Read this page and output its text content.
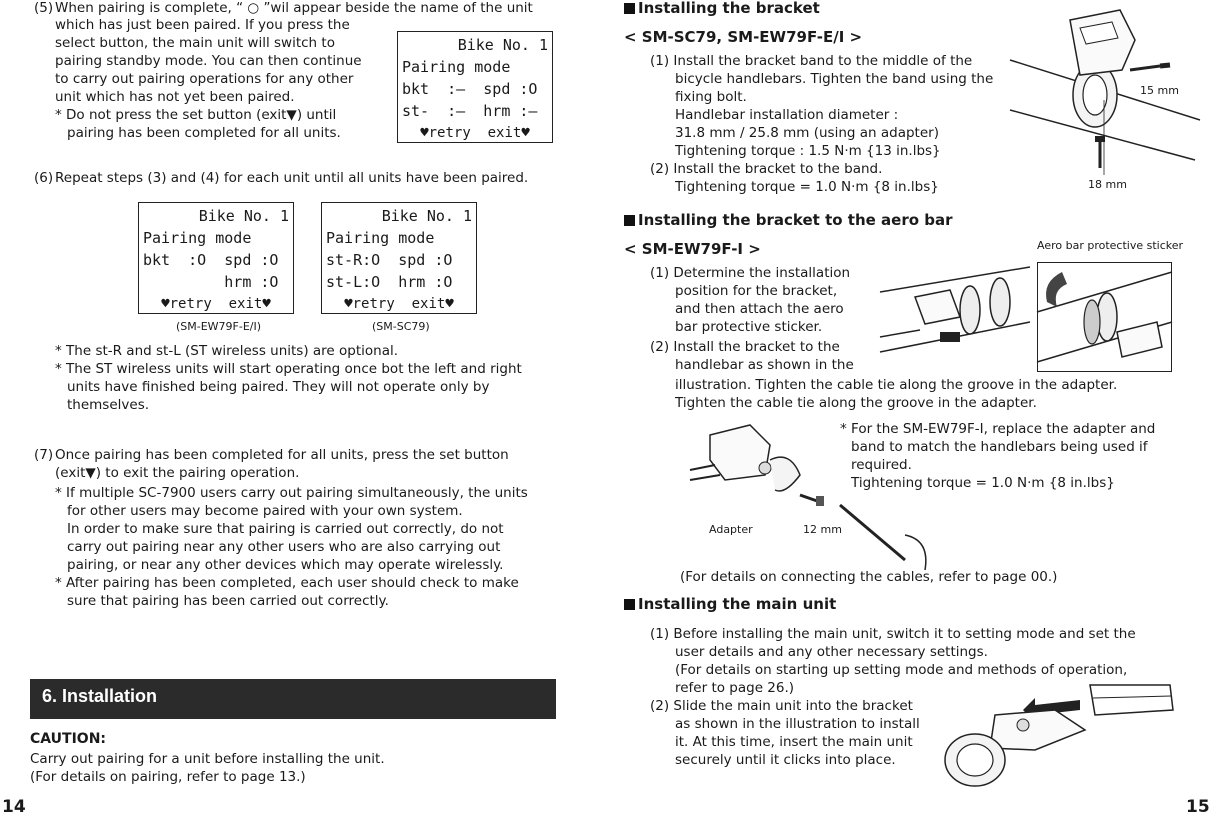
(5) When pairing is complete, “ ○ ”wil appear beside the name of the unit
which has just been paired. If you press the
select button, the main unit will switch to
pairing standby mode. You can then continue
to carry out pairing operations for any other
unit which has not yet been paired.
* Do not press the set button (exit▼) until
pairing has been completed for all units.
Bike No. 1
Pairing mode
bkt  :—  spd :O
st-  :—  hrm :—
♥retry  exit♥
(6) Repeat steps (3) and (4) for each unit until all units have been paired.
Bike No. 1
Pairing mode
bkt  :O  spd :O
hrm :O
♥retry  exit♥
(SM-EW79F-E/I)
Bike No. 1
Pairing mode
st-R:O  spd :O
st-L:O  hrm :O
♥retry  exit♥
(SM-SC79)
* The st-R and st-L (ST wireless units) are optional.
* The ST wireless units will start operating once bot the left and right
units have finished being paired. They will not operate only by
themselves.
(7) Once pairing has been completed for all units, press the set button
(exit▼) to exit the pairing operation.
* If multiple SC-7900 users carry out pairing simultaneously, the units
for other users may become paired with your own system.
In order to make sure that pairing is carried out correctly, do not
carry out pairing near any other users who are also carrying out
pairing, or near any other devices which may operate wirelessly.
* After pairing has been completed, each user should check to make
sure that pairing has been carried out correctly.
6. Installation
CAUTION:
Carry out pairing for a unit before installing the unit.
(For details on pairing, refer to page 13.)
14
Installing the bracket
< SM-SC79, SM-EW79F-E/I >
(1) Install the bracket band to the middle of the
bicycle handlebars. Tighten the band using the
fixing bolt.
Handlebar installation diameter :
31.8 mm / 25.8 mm (using an adapter)
Tightening torque : 1.5 N·m {13 in.lbs}
(2) Install the bracket to the band.
Tightening torque = 1.0 N·m {8 in.lbs}
15 mm
18 mm
Installing the bracket to the aero bar
< SM-EW79F-I >	Aero bar protective sticker
(1) Determine the installation
position for the bracket,
and then attach the aero
bar protective sticker.
(2) Install the bracket to the
handlebar as shown in the
illustration. Tighten the cable tie along the groove in the adapter.
Tighten the cable tie along the groove in the adapter.
* For the SM-EW79F-I, replace the adapter and
band to match the handlebars being used if
required.
Tightening torque = 1.0 N·m {8 in.lbs}
Adapter	12 mm
(For details on connecting the cables, refer to page 00.)
Installing the main unit
(1) Before installing the main unit, switch it to setting mode and set the
user details and any other necessary settings.
(For details on starting up setting mode and methods of operation,
refer to page 26.)
(2) Slide the main unit into the bracket
as shown in the illustration to install
it. At this time, insert the main unit
securely until it clicks into place.
15
